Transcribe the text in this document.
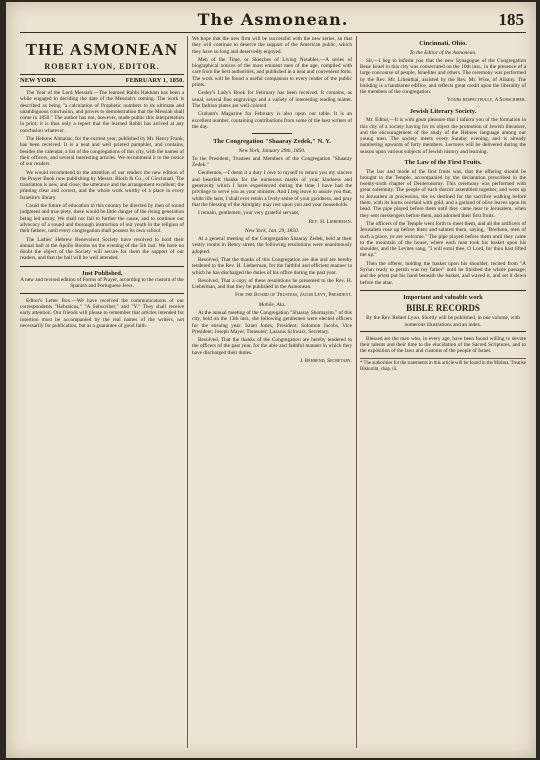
The Asmonean.	185
THE ASMONEAN
ROBERT LYON, EDITOR.
NEW YORK	FEBRUARY 1, 1850.

The Year of the Lord Messiah.—The learned Rabbi Hakham has been a while engaged in deciding the date of the Messiah's coming. The work is described as being "a calculation of Prophetic numbers to its ultimate and unambiguous conclusion, and proves to demonstration that the Messiah shall come in 1850." The author has not, however, made public this interpretation in print; it is thus only a report that the learned Rabbi has arrived at any conclusion whatever.

The Hebrew Almanac, for the current year, published by Mr. Henry Frank, has been received. It is a neat and well printed pamphlet, and contains, besides the calendar, a list of the congregations of this city, with the names of their officers, and several interesting articles. We recommend it to the notice of our readers.

We would recommend to the attention of our readers the new edition of the Prayer Book now publishing by Messrs. Bloch & Co., of Cincinnati. The translation is new, and close; the utterance and the arrangement excellent; the printing clear and correct, and the whole work worthy of a place in every Israelite's library.

Could the future of education in this country be directed by men of sound judgment and true piety, there would be little danger of the rising generation being led astray. We shall not fail to further the cause, and to continue our advocacy of a sound and thorough instruction of our youth in the religion of their fathers, until every congregation shall possess its own school.

The Ladies' Hebrew Benevolent Society have resolved to hold their annual ball at the Apollo Rooms on the evening of the 5th inst. We have no doubt the object of the Society will secure for them the support of our readers, and that the ball will be well attended.

Just Published,
A new and revised edition of Forms of Prayer, according to the custom of the Spanish and Portuguese Jews.

Editor's Letter Box.—We have received the communications of our correspondents "Hebraicus," "A Subscriber," and "Y." They shall receive early attention. Our friends will please to remember that articles intended for insertion must be accompanied by the real names of the writers, not necessarily for publication, but as a guarantee of good faith.

We hope that the new firm will be successful with the new series, so that they will continue to deserve the support of the American public, which they have so long and deservedly enjoyed.

Men of the Time, or Sketches of Living Notables.—A series of biographical notices of the most eminent men of the age, compiled with care from the best authorities, and published in a neat and convenient form. The work will be found a useful companion to every reader of the public prints.

Godey's Lady's Book for February has been received. It contains, as usual, several fine engravings and a variety of interesting reading matter. The fashion plates are well colored.

Graham's Magazine for February is also upon our table. It is an excellent number, containing contributions from some of the best writers of the day.

The Congregation "Shaaray Zedek," N. Y.
New York, January 29th, 1850.

To the President, Trustees and Members of the Congregation "Shaaray Zedek."

Gentlemen,—I deem it a duty I owe to myself to return you my sincere and heartfelt thanks for the numerous marks of your kindness and generosity which I have experienced during the time I have had the privilege to serve you as your minister. And I beg leave to assure you that, while life lasts, I shall ever retain a lively sense of your goodness, and pray that the blessing of the Almighty may rest upon you and your households.

I remain, gentlemen, your very grateful servant,

Rev. H. Lieberman.
New York, Jan. 29, 1850.

At a general meeting of the Congregation Shaaray Zedek, held at their vestry rooms in Henry street, the following resolutions were unanimously adopted:

Resolved, That the thanks of this Congregation are due and are hereby tendered to the Rev. H. Lieberman, for the faithful and efficient manner in which he has discharged the duties of his office during the past year.

Resolved, That a copy of these resolutions be presented to the Rev. H. Lieberman, and that they be published in the Asmonean.

For the Board of Trustees, Jacob Levy, President.
Mobile, Ala.

At the annual meeting of the Congregation "Shaaray Shomayim," of this city, held on the 13th inst., the following gentlemen were elected officers for the ensuing year: Israel Jones, President; Solomon Jacobs, Vice President; Joseph Mayer, Treasurer; Lazarus Schwarz, Secretary.

Resolved, That the thanks of the Congregation are hereby tendered to the officers of the past year, for the able and faithful manner in which they have discharged their duties.

J. Behrend, Secretary.
Cincinnati, Ohio.
To the Editor of the Asmonean.

Sir,—I beg to inform you that the new Synagogue of the Congregation Bene Israel in this city was consecrated on the 10th inst., in the presence of a large concourse of people, Israelites and others. The ceremony was performed by the Rev. Mr. Lilienthal, assisted by the Rev. Mr. Wise, of Albany. The building is a handsome edifice, and reflects great credit upon the liberality of the members of the congregation.

Yours respectfully, A Subscriber.
Jewish Literary Society.

Mr. Editor,—It is with great pleasure that I inform you of the formation in this city of a society having for its object the promotion of Jewish literature, and the encouragement of the study of the Hebrew language among our young men. The society meets every Sunday evening, and is already numbering upwards of forty members. Lectures will be delivered during the season upon various subjects of Jewish history and learning.

The Law of the First Fruits.

The law and mode of the first fruits was, that the offering should be brought to the Temple, accompanied by the declaration prescribed in the twenty-sixth chapter of Deuteronomy. This ceremony was performed with great solemnity. The people of each district assembled together, and went up to Jerusalem in procession, the ox destined for the sacrifice walking before them, with its horns overlaid with gold, and a garland of olive leaves upon its head. The pipe played before them until they came near to Jerusalem, when they sent messengers before them, and adorned their first fruits.

The officers of the Temple went forth to meet them, and all the artificers of Jerusalem rose up before them and saluted them, saying, "Brethren, men of such a place, ye are welcome." The pipe played before them until they came to the mountain of the house, where each man took his basket upon his shoulder, and the Levites sang, "I will extol thee, O Lord, for thou hast lifted me up."

Then the offerer, holding the basket upon his shoulder, recited from "A Syrian ready to perish was my father" until he finished the whole passage; and the priest put his hand beneath the basket, and waved it, and set it down before the altar.

Important and valuable work
BIBLE RECORDS
By the Rev. Robert Lyon. Shortly will be published, in one volume, with numerous illustrations and an index.

Blessed are the men who, in every age, have been found willing to devote their talents and their time to the elucidation of the Sacred Scriptures, and to the exposition of the laws and customs of the people of Israel.

* The authorities for the statements in this article will be found in the Mishna, Treatise Bikkurim, chap. iii.
